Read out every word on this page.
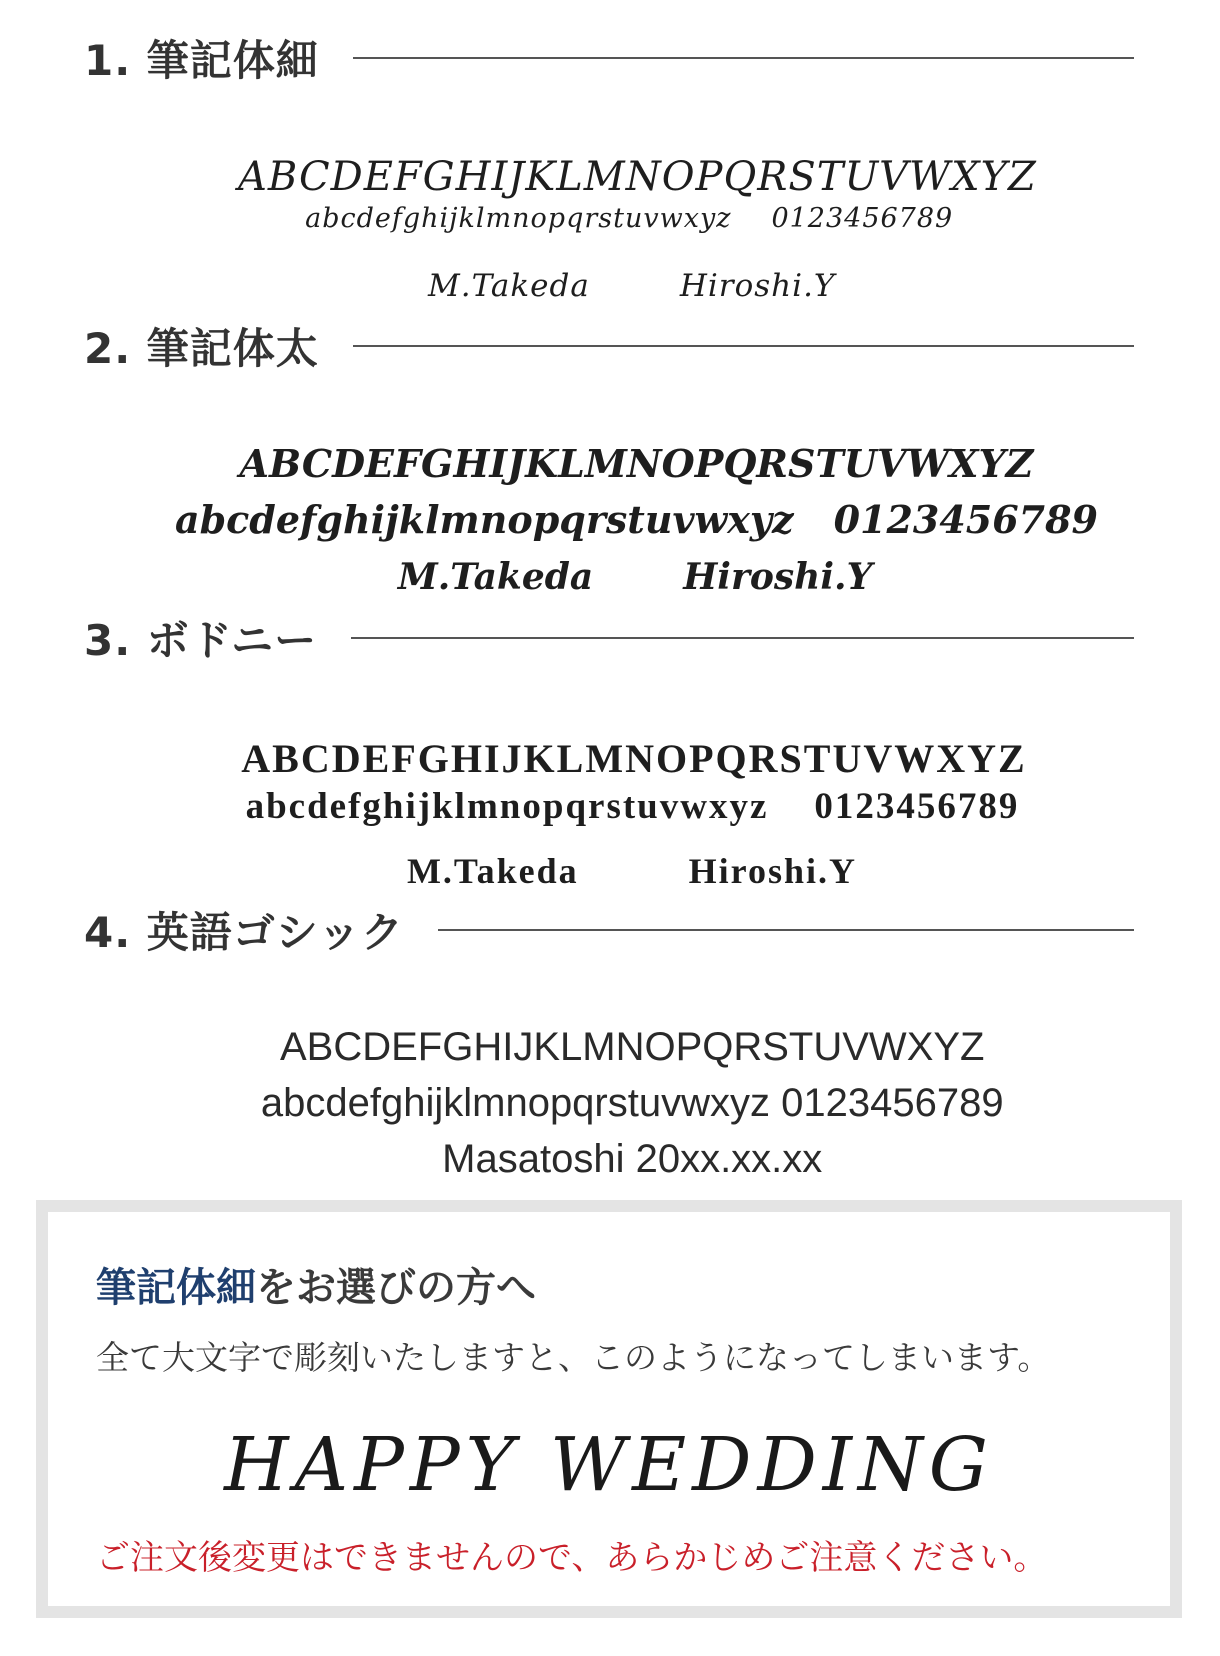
1. 筆記体細

ABCDEFGHIJKLMNOPQRSTUVWXYZ

abcdefghijklmnopqrstuvwxyz 0123456789

M.Takeda	Hiroshi.Y

2. 筆記体太

ABCDEFGHIJKLMNOPQRSTUVWXYZ

abcdefghijklmnopqrstuvwxyz 0123456789

M.Takeda	Hiroshi.Y

3. ボドニー

ABCDEFGHIJKLMNOPQRSTUVWXYZ

abcdefghijklmnopqrstuvwxyz 0123456789

M.Takeda	Hiroshi.Y

4. 英語ゴシック

ABCDEFGHIJKLMNOPQRSTUVWXYZ

abcdefghijklmnopqrstuvwxyz 0123456789

Masatoshi 20xx.xx.xx

筆記体細をお選びの方へ
全て大文字で彫刻いたしますと、このようになってしまいます。
HAPPY WEDDING
ご注文後変更はできませんので、あらかじめご注意ください。
